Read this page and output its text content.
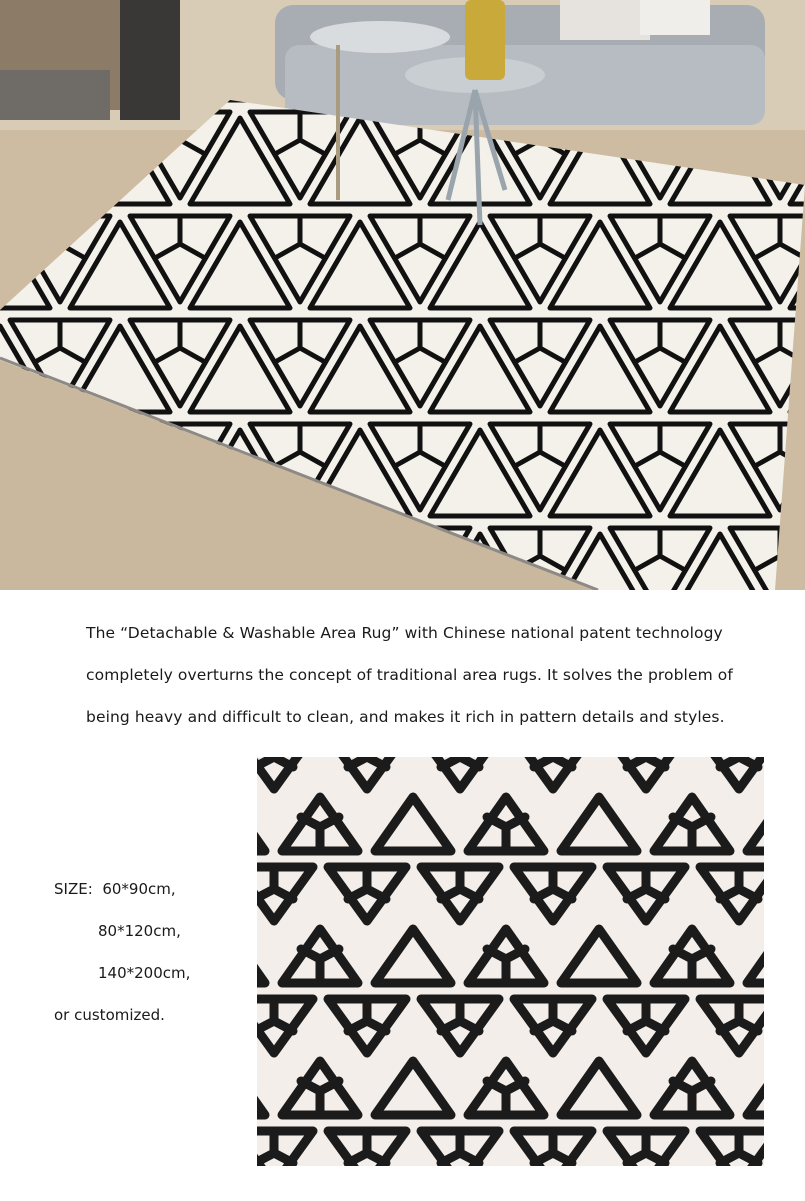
The “Detachable & Washable Area Rug” with Chinese national patent technology

completely overturns the concept of traditional area rugs. It solves the problem of

being heavy and difficult to clean, and makes it rich in pattern details and styles.

SIZE: 60*90cm,
80*120cm,
140*200cm,
or customized.
